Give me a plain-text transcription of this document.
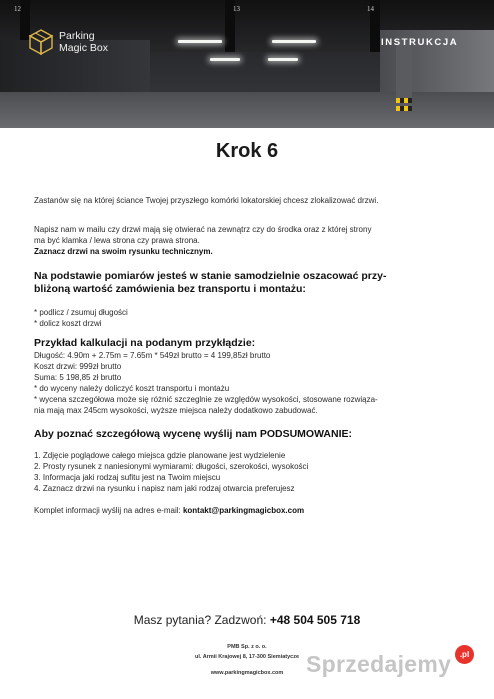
12	13	14
Parking
Magic Box	INSTRUKCJA
Krok 6
Zastanów się na której ściance Twojej przyszłego komórki lokatorskiej chcesz zlokalizować drzwi.
Napisz nam w mailu czy drzwi mają się otwierać na zewnątrz czy do środka oraz z której strony
ma być klamka / lewa strona czy prawa strona.
Zaznacz drzwi na swoim rysunku technicznym.
Na podstawie pomiarów jesteś w stanie samodzielnie oszacować przy-
bliżoną wartość zamówienia bez transportu i montażu:
* podlicz / zsumuj długości
* dolicz koszt drzwi
Przykład kalkulacji na podanym przykłądzie:
Długość: 4.90m + 2.75m = 7.65m * 549zł brutto = 4 199,85zł brutto
Koszt drzwi: 999zł brutto
Suma: 5 198,85 zł brutto
* do wyceny należy doliczyć koszt transportu i montażu
* wycena szczegółowa może się różnić szczeglnie ze względów wysokości, stosowane rozwiąza-
nia mają max 245cm wysokości, wyższe miejsca należy dodatkowo zabudować.
Aby poznać szczegółową wycenę wyślij nam PODSUMOWANIE:
1. Zdjęcie poglądowe całego miejsca gdzie planowane jest wydzielenie
2. Prosty rysunek z naniesionymi wymiarami: długości, szerokości, wysokości
3. Informacja jaki rodzaj sufitu jest na Twoim miejscu
4. Zaznacz drzwi na rysunku i napisz nam jaki rodzaj otwarcia preferujesz
Komplet informacji wyślij na adres e-mail: kontakt@parkingmagicbox.com
Masz pytania? Zadzwoń: +48 504 505 718
PMB Sp. z o. o.
ul. Armii Krajowej 8, 17-300 Siemiatycze
www.parkingmagicbox.com Sprzedajemy	.pl
